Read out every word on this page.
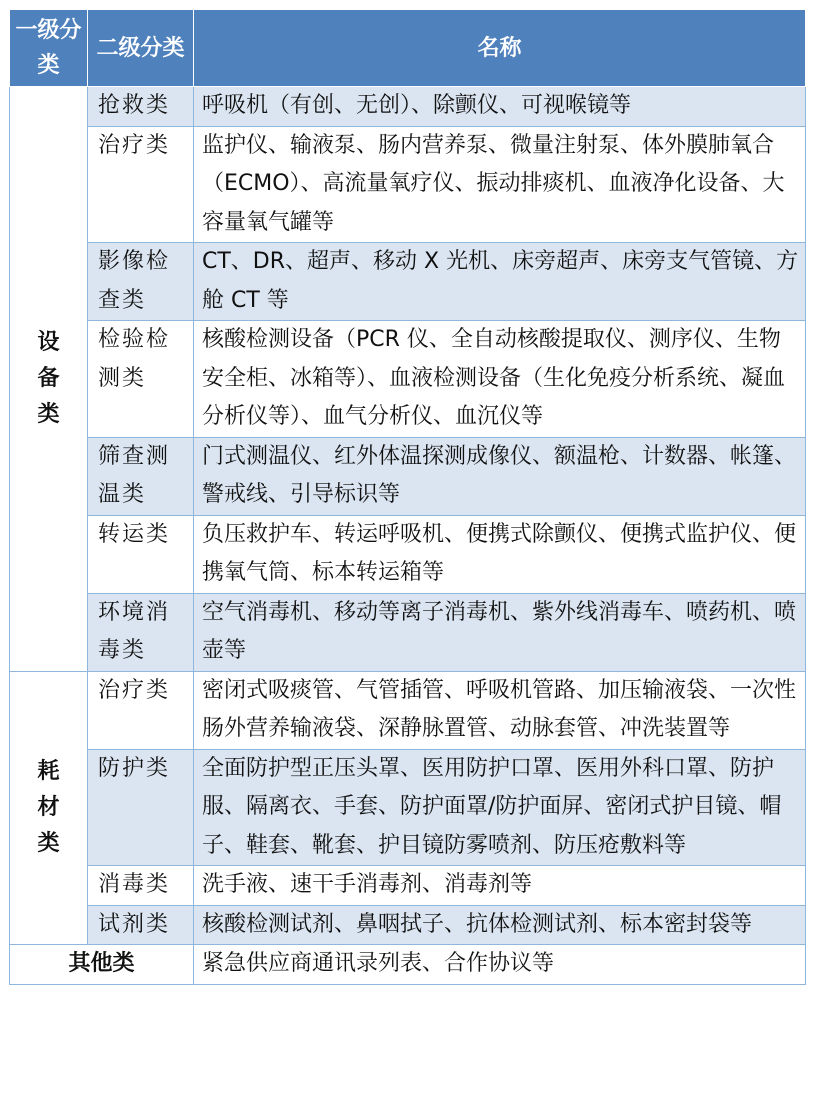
一级分类	二级分类	名称
设备类	抢救类	呼吸机（有创、无创）、除颤仪、可视喉镜等
	治疗类	监护仪、输液泵、肠内营养泵、微量注射泵、体外膜肺氧合（ECMO）、高流量氧疗仪、振动排痰机、血液净化设备、大容量氧气罐等
	影像检查类	CT、DR、超声、移动 X 光机、床旁超声、床旁支气管镜、方舱 CT 等
	检验检测类	核酸检测设备（PCR 仪、全自动核酸提取仪、测序仪、生物安全柜、冰箱等）、血液检测设备（生化免疫分析系统、凝血分析仪等）、血气分析仪、血沉仪等
	筛查测温类	门式测温仪、红外体温探测成像仪、额温枪、计数器、帐篷、警戒线、引导标识等
	转运类	负压救护车、转运呼吸机、便携式除颤仪、便携式监护仪、便携氧气筒、标本转运箱等
	环境消毒类	空气消毒机、移动等离子消毒机、紫外线消毒车、喷药机、喷壶等
耗材类	治疗类	密闭式吸痰管、气管插管、呼吸机管路、加压输液袋、一次性肠外营养输液袋、深静脉置管、动脉套管、冲洗装置等
	防护类	全面防护型正压头罩、医用防护口罩、医用外科口罩、防护服、隔离衣、手套、防护面罩/防护面屏、密闭式护目镜、帽子、鞋套、靴套、护目镜防雾喷剂、防压疮敷料等
	消毒类	洗手液、速干手消毒剂、消毒剂等
	试剂类	核酸检测试剂、鼻咽拭子、抗体检测试剂、标本密封袋等
其他类		紧急供应商通讯录列表、合作协议等
